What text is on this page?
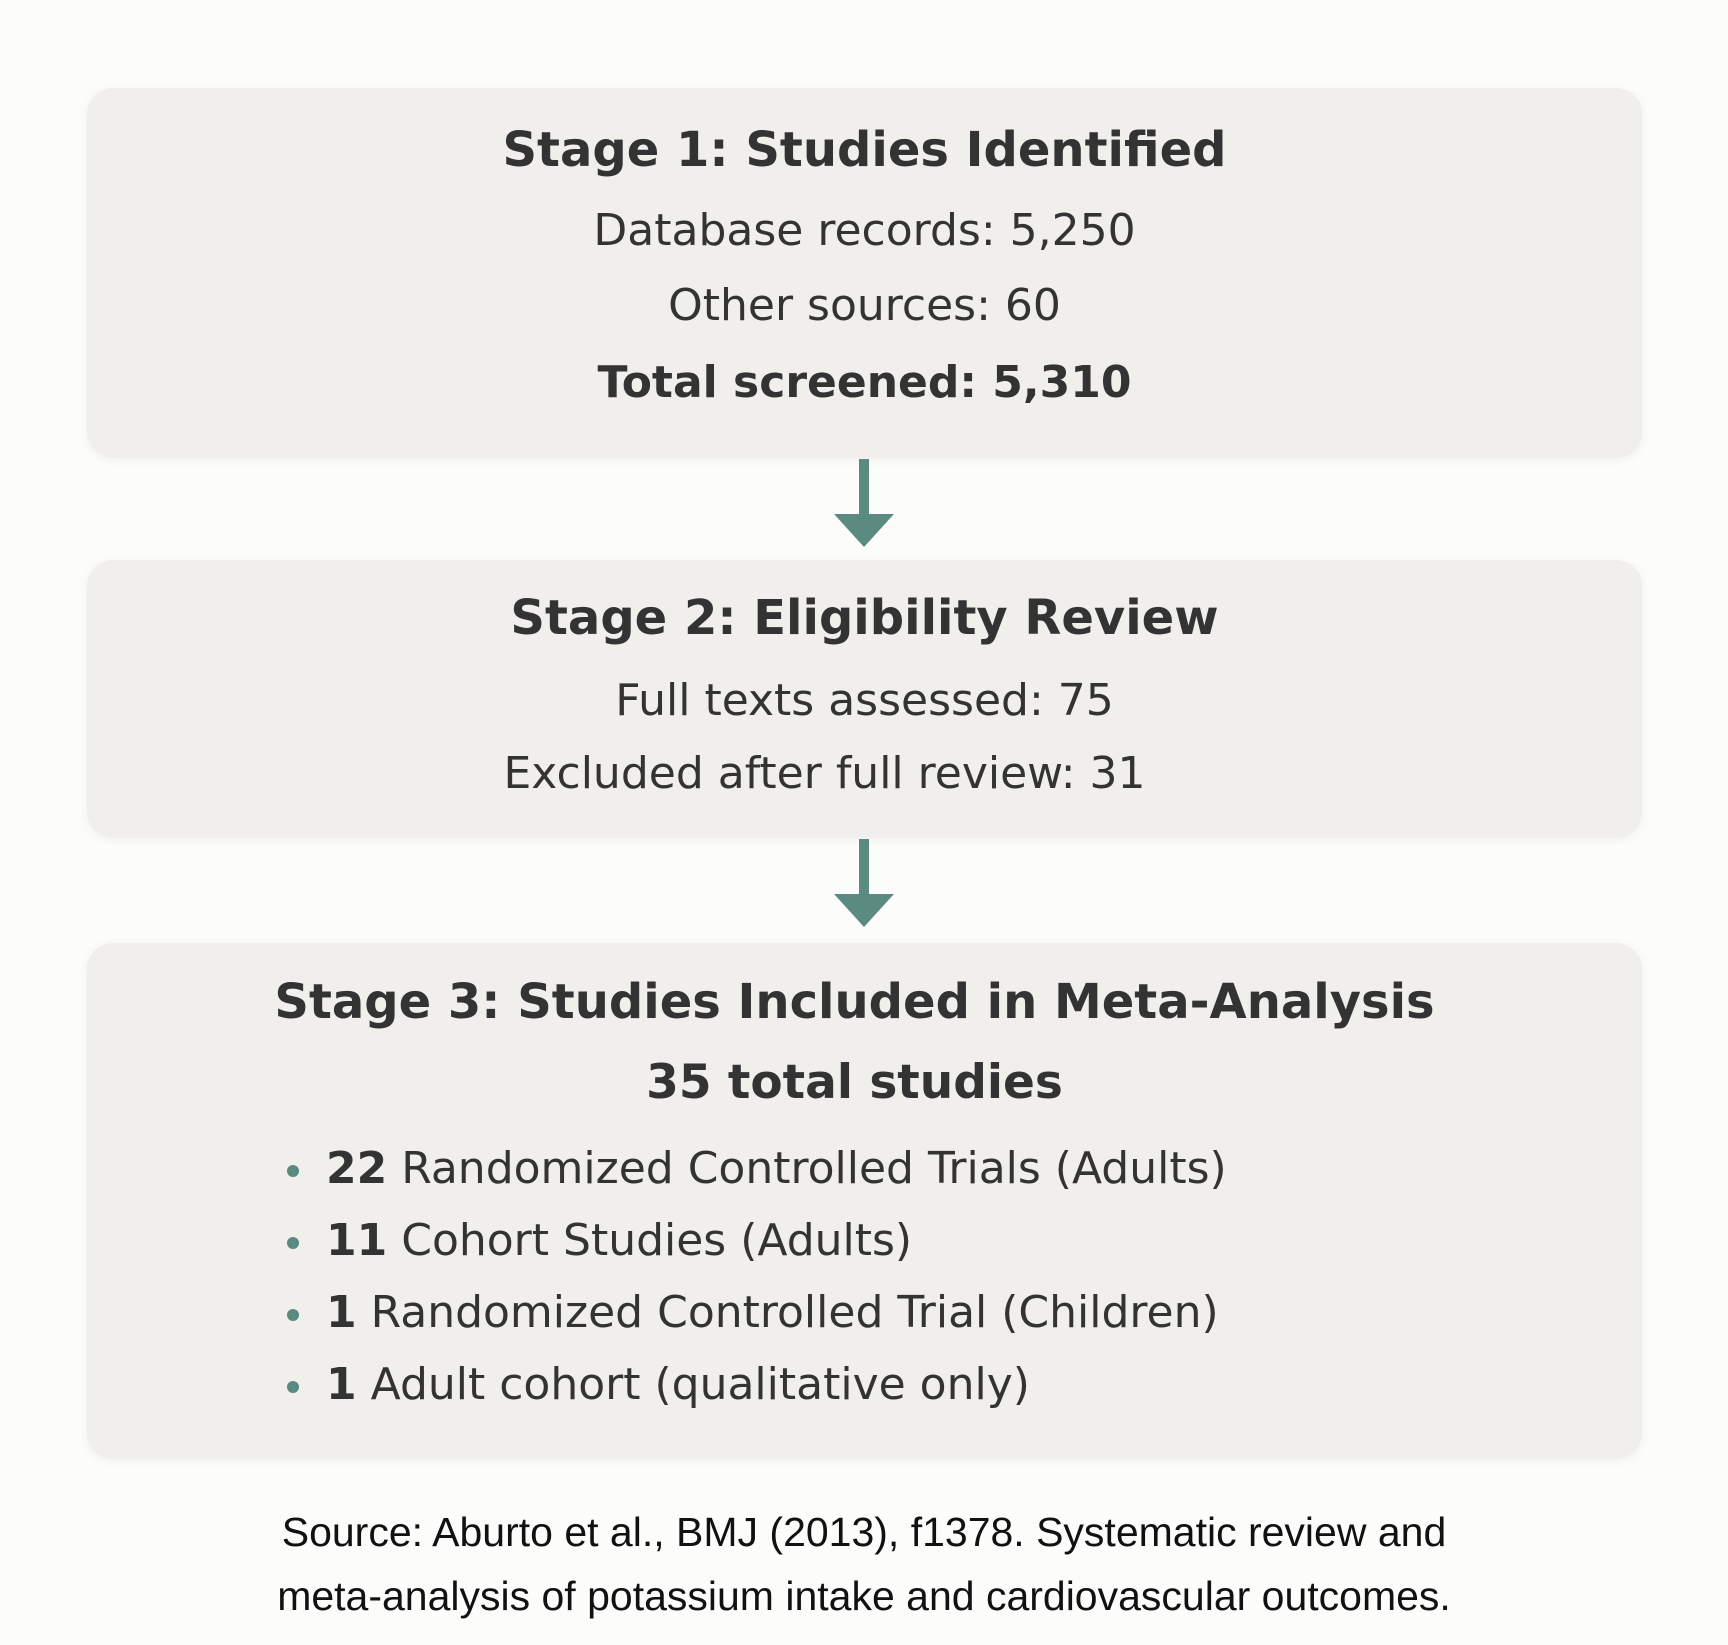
Stage 1: Studies Identified
Database records: 5,250
Other sources: 60
Total screened: 5,310
Stage 2: Eligibility Review
Full texts assessed: 75
Excluded after full review: 31
Stage 3: Studies Included in Meta-Analysis
35 total studies
22 Randomized Controlled Trials (Adults)
11 Cohort Studies (Adults)
1 Randomized Controlled Trial (Children)
1 Adult cohort (qualitative only)
Source: Aburto et al., BMJ (2013), f1378. Systematic review and
meta-analysis of potassium intake and cardiovascular outcomes.
